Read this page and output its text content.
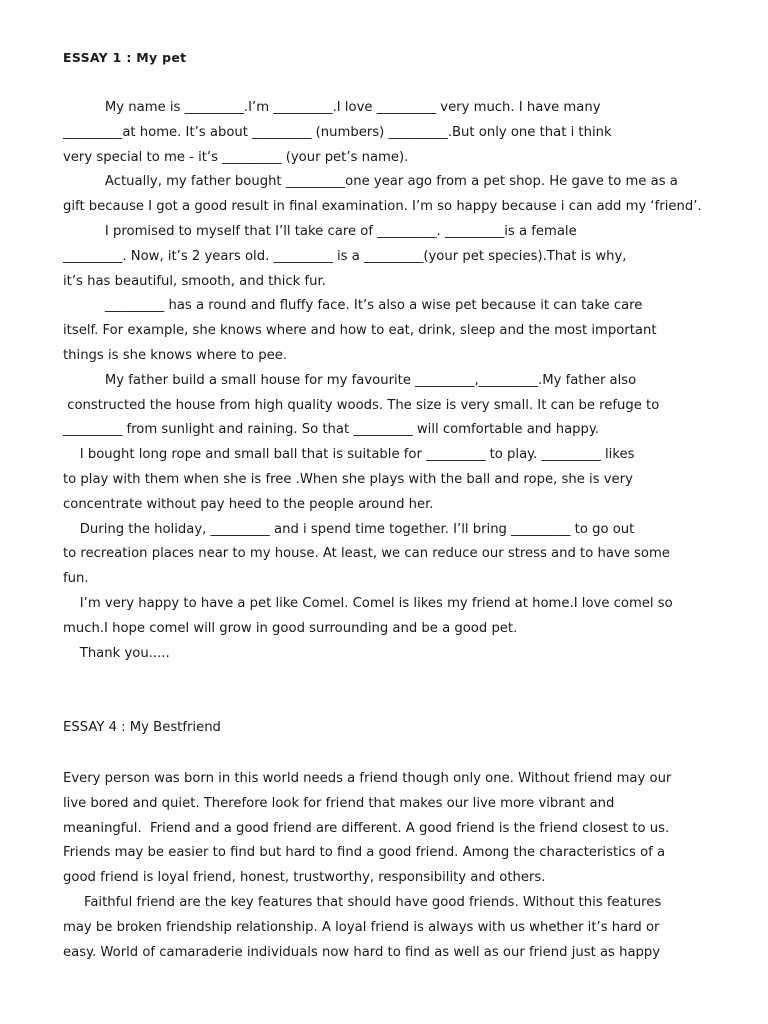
ESSAY 1 : My pet
My name is _________.I’m _________.I love _________ very much. I have many
_________at home. It’s about _________ (numbers) _________.But only one that i think
very special to me - it’s _________ (your pet’s name).
Actually, my father bought _________one year ago from a pet shop. He gave to me as a
gift because I got a good result in final examination. I’m so happy because i can add my ‘friend’.
I promised to myself that I’ll take care of _________. _________is a female
_________. Now, it’s 2 years old. _________ is a _________(your pet species).That is why,
it’s has beautiful, smooth, and thick fur.
_________ has a round and fluffy face. It’s also a wise pet because it can take care
itself. For example, she knows where and how to eat, drink, sleep and the most important
things is she knows where to pee.
My father build a small house for my favourite _________,_________.My father also
constructed the house from high quality woods. The size is very small. It can be refuge to
_________ from sunlight and raining. So that _________ will comfortable and happy.
I bought long rope and small ball that is suitable for _________ to play. _________ likes
to play with them when she is free .When she plays with the ball and rope, she is very
concentrate without pay heed to the people around her.
During the holiday, _________ and i spend time together. I’ll bring _________ to go out
to recreation places near to my house. At least, we can reduce our stress and to have some
fun.
I’m very happy to have a pet like Comel. Comel is likes my friend at home.I love comel so
much.I hope comel will grow in good surrounding and be a good pet.
Thank you.....
ESSAY 4 : My Bestfriend
Every person was born in this world needs a friend though only one. Without friend may our
live bored and quiet. Therefore look for friend that makes our live more vibrant and
meaningful.  Friend and a good friend are different. A good friend is the friend closest to us.
Friends may be easier to find but hard to find a good friend. Among the characteristics of a
good friend is loyal friend, honest, trustworthy, responsibility and others.
Faithful friend are the key features that should have good friends. Without this features
may be broken friendship relationship. A loyal friend is always with us whether it’s hard or
easy. World of camaraderie individuals now hard to find as well as our friend just as happy
